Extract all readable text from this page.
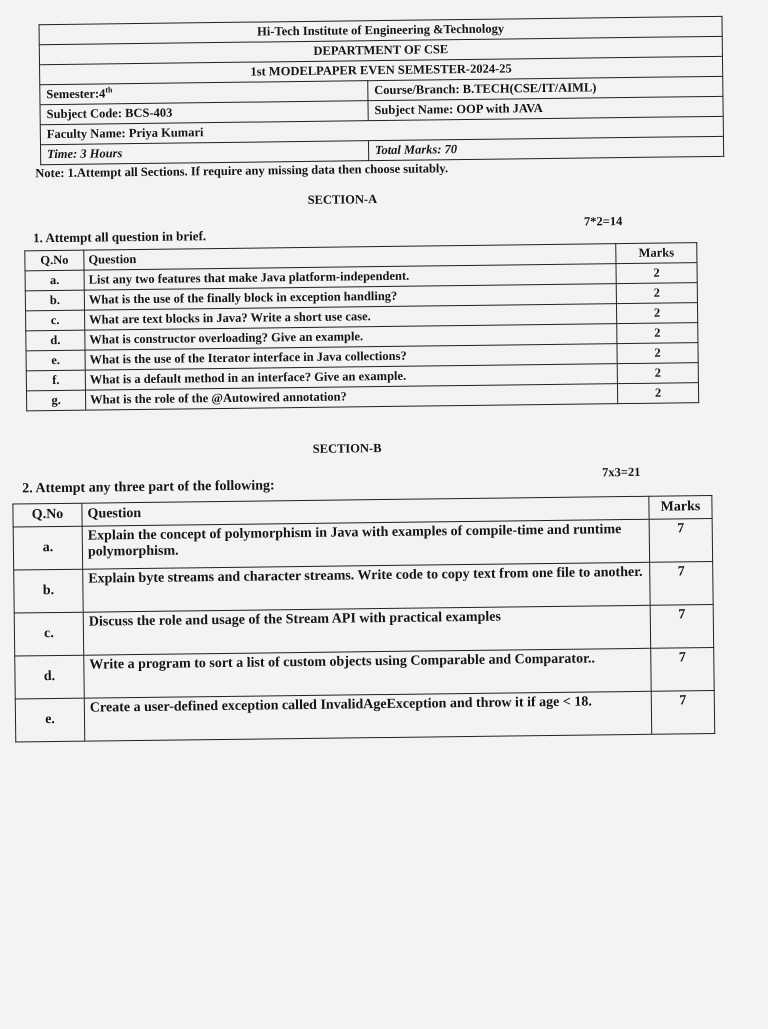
Hi-Tech Institute of Engineering &Technology	
DEPARTMENT OF CSE	
1st MODELPAPER EVEN SEMESTER-2024-25	
Semester:4th	Course/Branch: B.TECH(CSE/IT/AIML)
Subject Code: BCS-403	Subject Name: OOP with JAVA
Faculty Name: Priya Kumari	
Time: 3 Hours	Total Marks: 70
Note: 1.Attempt all Sections. If require any missing data then choose suitably.
SECTION-A
1. Attempt all question in brief.
7*2=14
Q.No	Question	Marks
a.	List any two features that make Java platform-independent.	2
b.	What is the use of the finally block in exception handling?	2
c.	What are text blocks in Java? Write a short use case.	2
d.	What is constructor overloading? Give an example.	2
e.	What is the use of the Iterator interface in Java collections?	2
f.	What is a default method in an interface? Give an example.	2
g.	What is the role of the @Autowired annotation?	2
SECTION-B
2. Attempt any three part of the following:
7x3=21
Q.No	Question	Marks
a.	Explain the concept of polymorphism in Java with examples of compile-time and runtime polymorphism.	7
b.	Explain byte streams and character streams. Write code to copy text from one file to another.	7
c.	Discuss the role and usage of the Stream API with practical examples	7
d.	Write a program to sort a list of custom objects using Comparable and Comparator..	7
e.	Create a user-defined exception called InvalidAgeException and throw it if age < 18.	7
